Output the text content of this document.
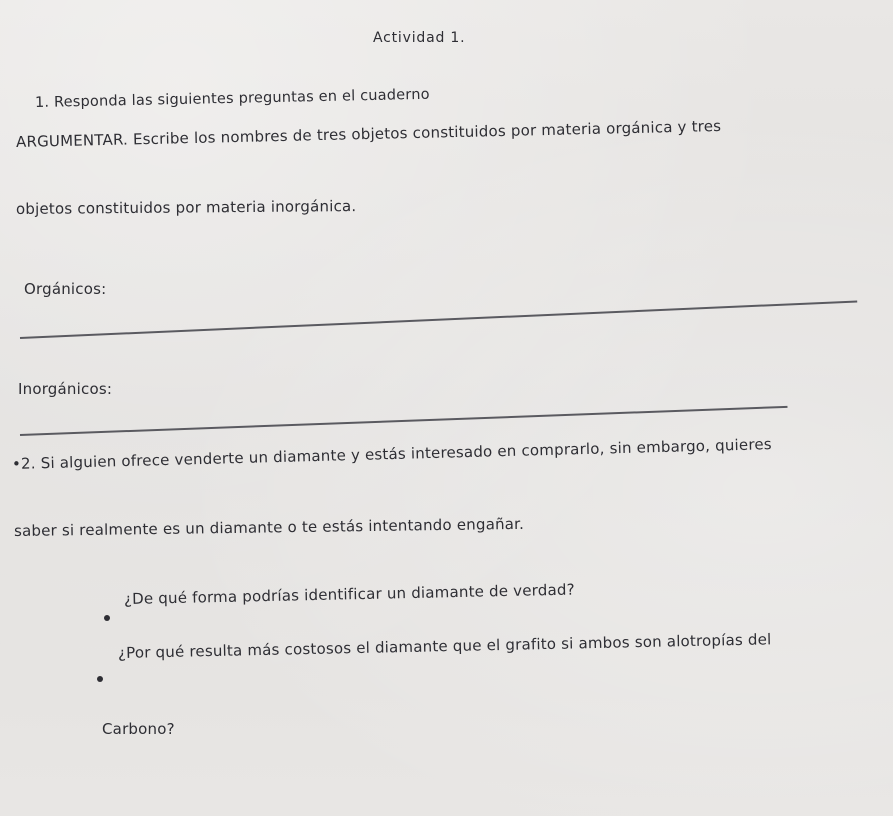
Actividad 1.
1. Responda las siguientes preguntas en el cuaderno
ARGUMENTAR. Escribe los nombres de tres objetos constituidos por materia orgánica y tres
objetos constituidos por materia inorgánica.
Orgánicos:
Inorgánicos:
•2. Si alguien ofrece venderte un diamante y estás interesado en comprarlo, sin embargo, quieres
saber si realmente es un diamante o te estás intentando engañar.
¿De qué forma podrías identificar un diamante de verdad?
¿Por qué resulta más costosos el diamante que el grafito si ambos son alotropías del
Carbono?
